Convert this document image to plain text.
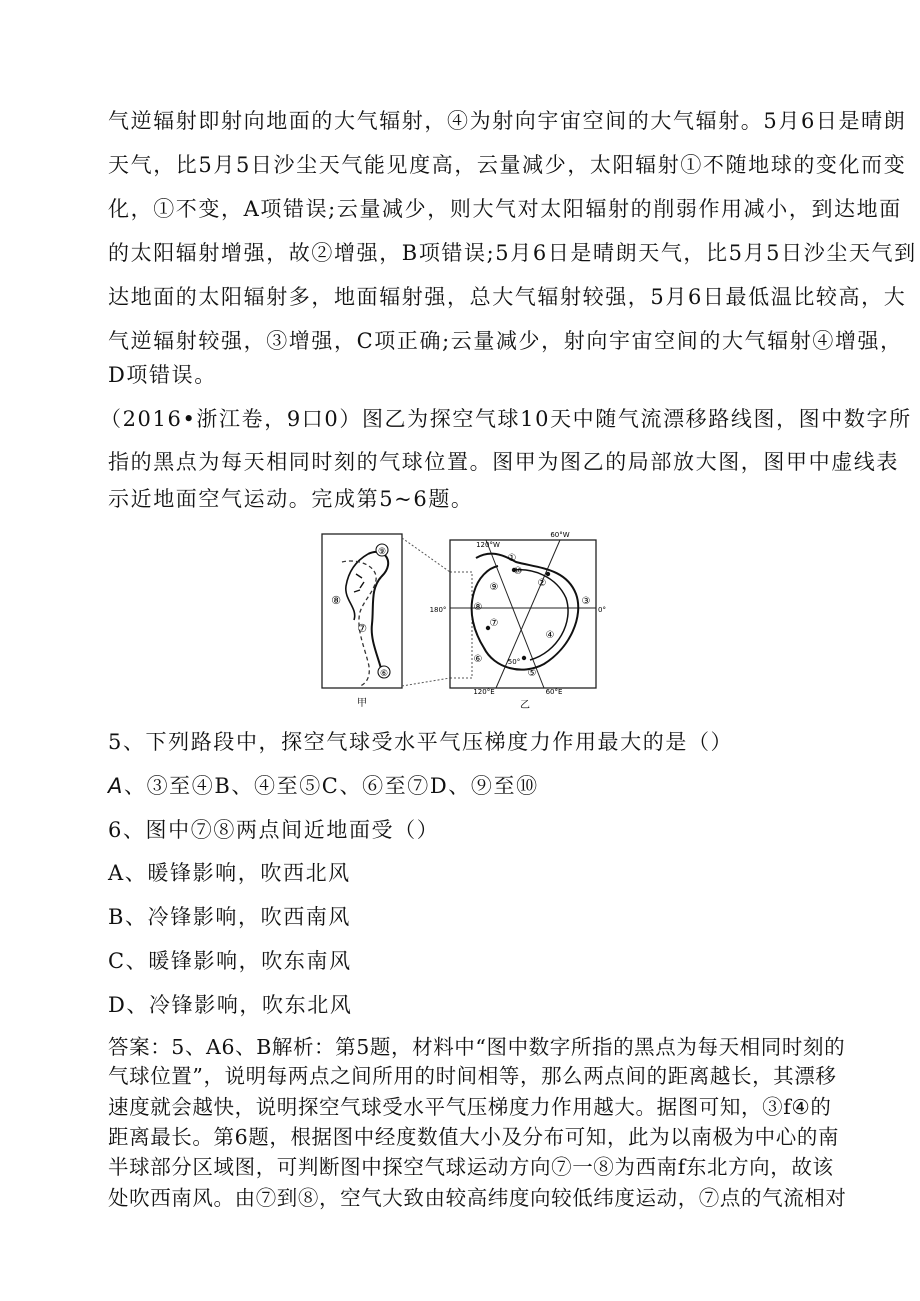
气逆辐射即射向地面的大气辐射，④为射向宇宙空间的大气辐射。5月6日是晴朗
天气，比5月5日沙尘天气能见度高，云量减少，太阳辐射①不随地球的变化而变
化，①不变，A项错误;云量减少，则大气对太阳辐射的削弱作用减小，到达地面
的太阳辐射增强，故②增强，B项错误;5月6日是晴朗天气，比5月5日沙尘天气到
达地面的太阳辐射多，地面辐射强，总大气辐射较强，5月6日最低温比较高，大
气逆辐射较强，③增强，C项正确;云量减少，射向宇宙空间的大气辐射④增强，
D项错误。
（2016•浙江卷，9口0）图乙为探空气球10天中随气流漂移路线图，图中数字所
指的黑点为每天相同时刻的气球位置。图甲为图乙的局部放大图，图甲中虚线表
示近地面空气运动。完成第5~6题。
⑨
⑧
⑦
⑥
甲
120°W
60°W
180°	0°
120°E	60°E
50°
①
②
③
④
⑤
⑥
⑦
⑧
⑨
⑩
乙
5、下列路段中，探空气球受水平气压梯度力作用最大的是（）
A、③至④B、④至⑤C、⑥至⑦D、⑨至⑩
6、图中⑦⑧两点间近地面受（）
A、暖锋影响，吹西北风
B、冷锋影响，吹西南风
C、暖锋影响，吹东南风
D、冷锋影响，吹东北风
答案：5、A6、B解析：第5题，材料中“图中数字所指的黑点为每天相同时刻的
气球位置”，说明每两点之间所用的时间相等，那么两点间的距离越长，其漂移
速度就会越快，说明探空气球受水平气压梯度力作用越大。据图可知，③f④的
距离最长。第6题，根据图中经度数值大小及分布可知，此为以南极为中心的南
半球部分区域图，可判断图中探空气球运动方向⑦一⑧为西南f东北方向，故该
处吹西南风。由⑦到⑧，空气大致由较高纬度向较低纬度运动，⑦点的气流相对
